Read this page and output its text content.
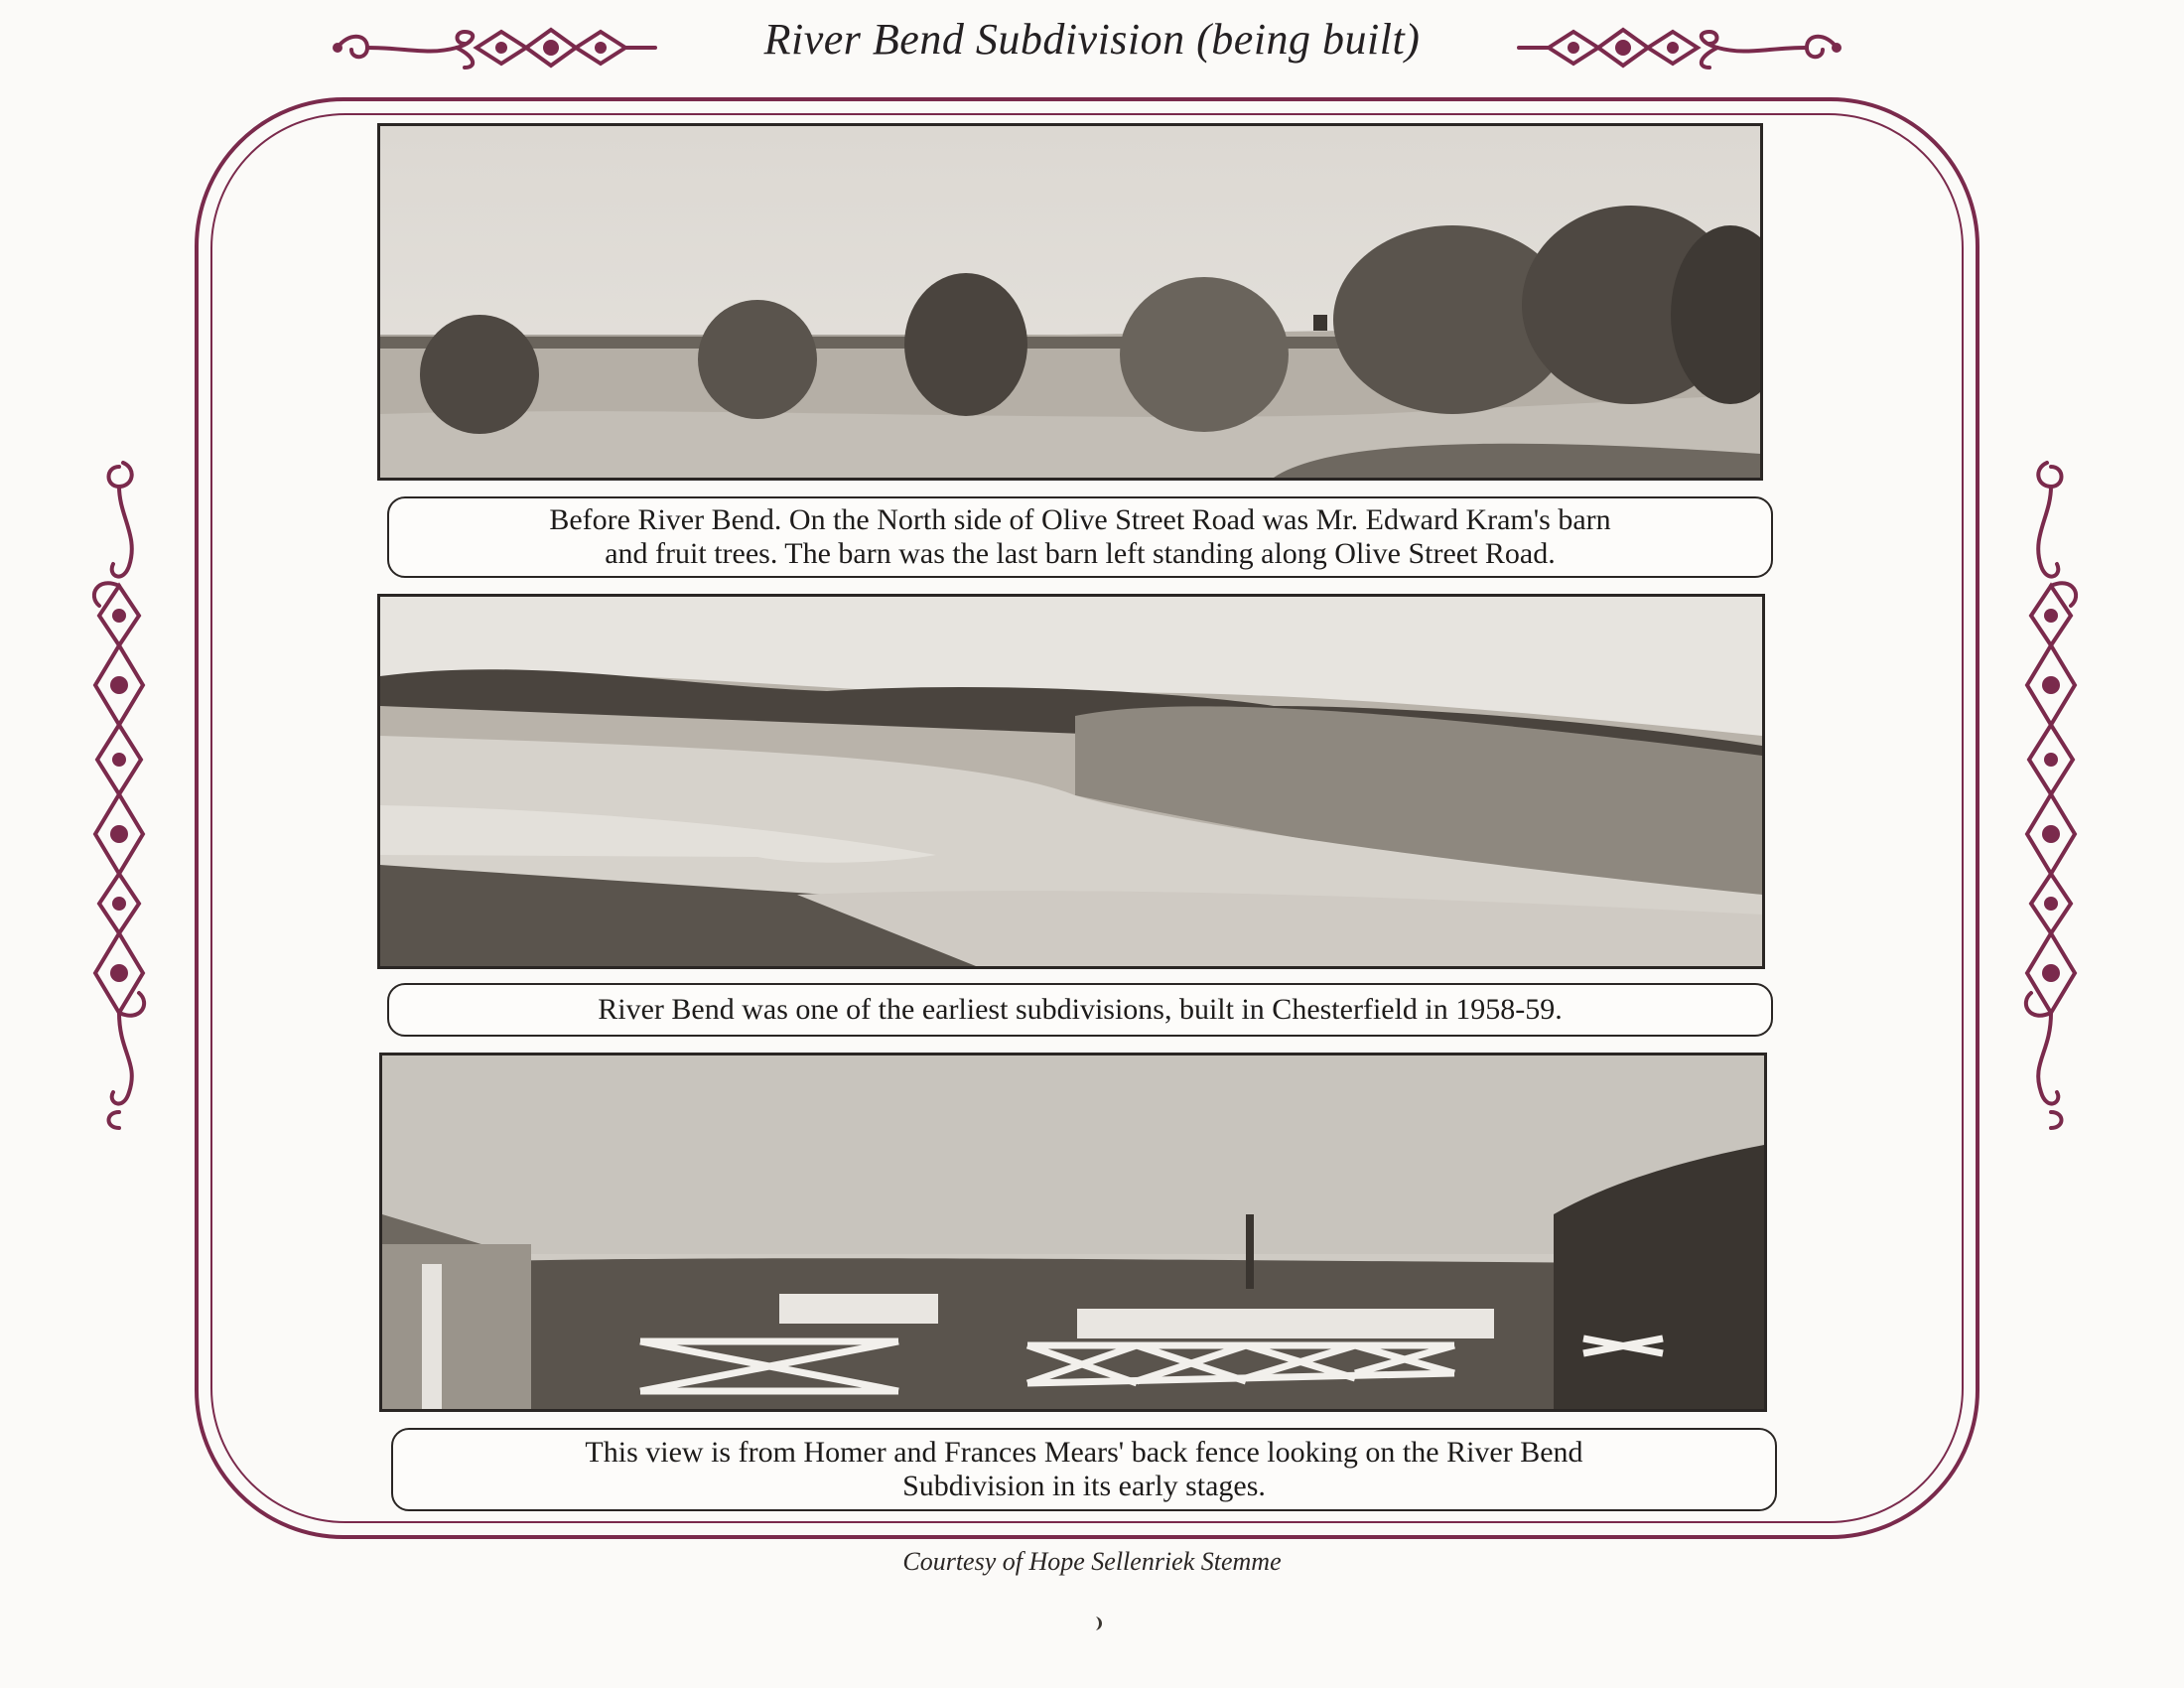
River Bend Subdivision (being built)
Before River Bend. On the North side of Olive Street Road was Mr. Edward Kram's barn
and fruit trees. The barn was the last barn left standing along Olive Street Road.
River Bend was one of the earliest subdivisions, built in Chesterfield in 1958-59.
This view is from Homer and Frances Mears' back fence looking on the River Bend
Subdivision in its early stages.
Courtesy of Hope Sellenriek Stemme
